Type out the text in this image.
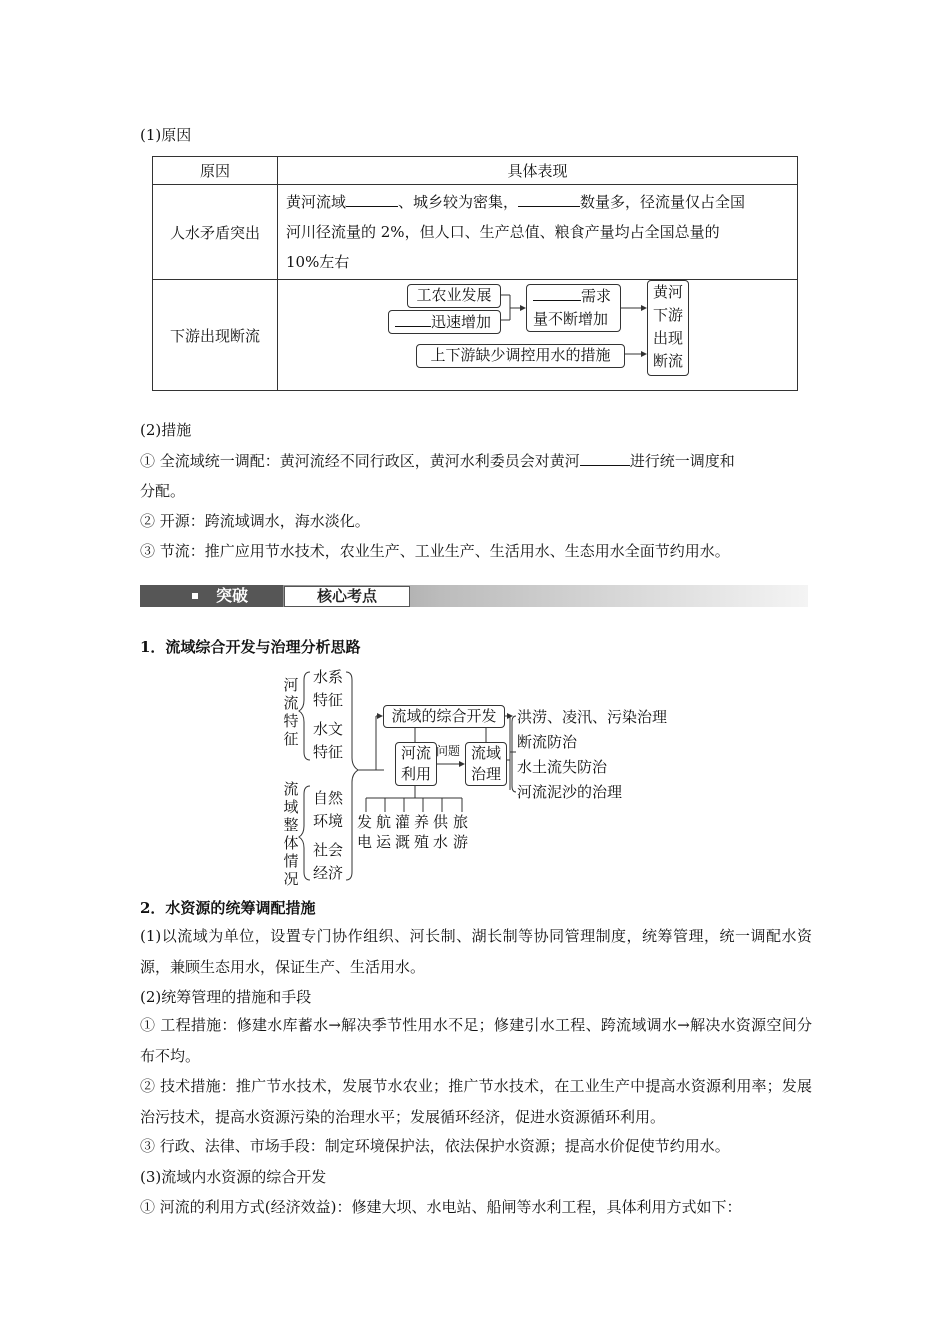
(1)原因
原因	具体表现
人水矛盾突出	黄河流域 、城乡较为密集， 数量多，径流量仅占全国
河川径流量的 2%，但人口、生产总值、粮食产量均占全国总量的
10%左右

下游出现断流	
工农业发展
迅速增加
需求
量不断增加
上下游缺少调控用水的措施
黄河
下游
出现
断流
(2)措施
① 全流域统一调配：黄河流经不同行政区，黄河水利委员会对黄河	进行统一调度和
分配。
② 开源：跨流域调水，海水淡化。
③ 节流：推广应用节水技术，农业生产、工业生产、生活用水、生态用水全面节约用水。
突破	核心考点
1．流域综合开发与治理分析思路
河
流
特
征
流
域
整
体
情
况
水系
特征
水文
特征
自然
环境
社会
经济
流域的综合开发
河流
利用
问题 流域
治理
发
电
航
运
灌
溉
养
殖
供
水
旅
游
洪涝、凌汛、污染治理
断流防治
水土流失防治
河流泥沙的治理
2．水资源的统筹调配措施
(1)以流域为单位，设置专门协作组织、河长制、湖长制等协同管理制度，统筹管理，统一调配水资源，兼顾生态用水，保证生产、生活用水。
(2)统筹管理的措施和手段
① 工程措施：修建水库蓄水→解决季节性用水不足；修建引水工程、跨流域调水→解决水资源空间分布不均。
② 技术措施：推广节水技术，发展节水农业；推广节水技术，在工业生产中提高水资源利用率；发展治污技术，提高水资源污染的治理水平；发展循环经济，促进水资源循环利用。
③ 行政、法律、市场手段：制定环境保护法，依法保护水资源；提高水价促使节约用水。
(3)流域内水资源的综合开发
① 河流的利用方式(经济效益)：修建大坝、水电站、船闸等水利工程，具体利用方式如下：
